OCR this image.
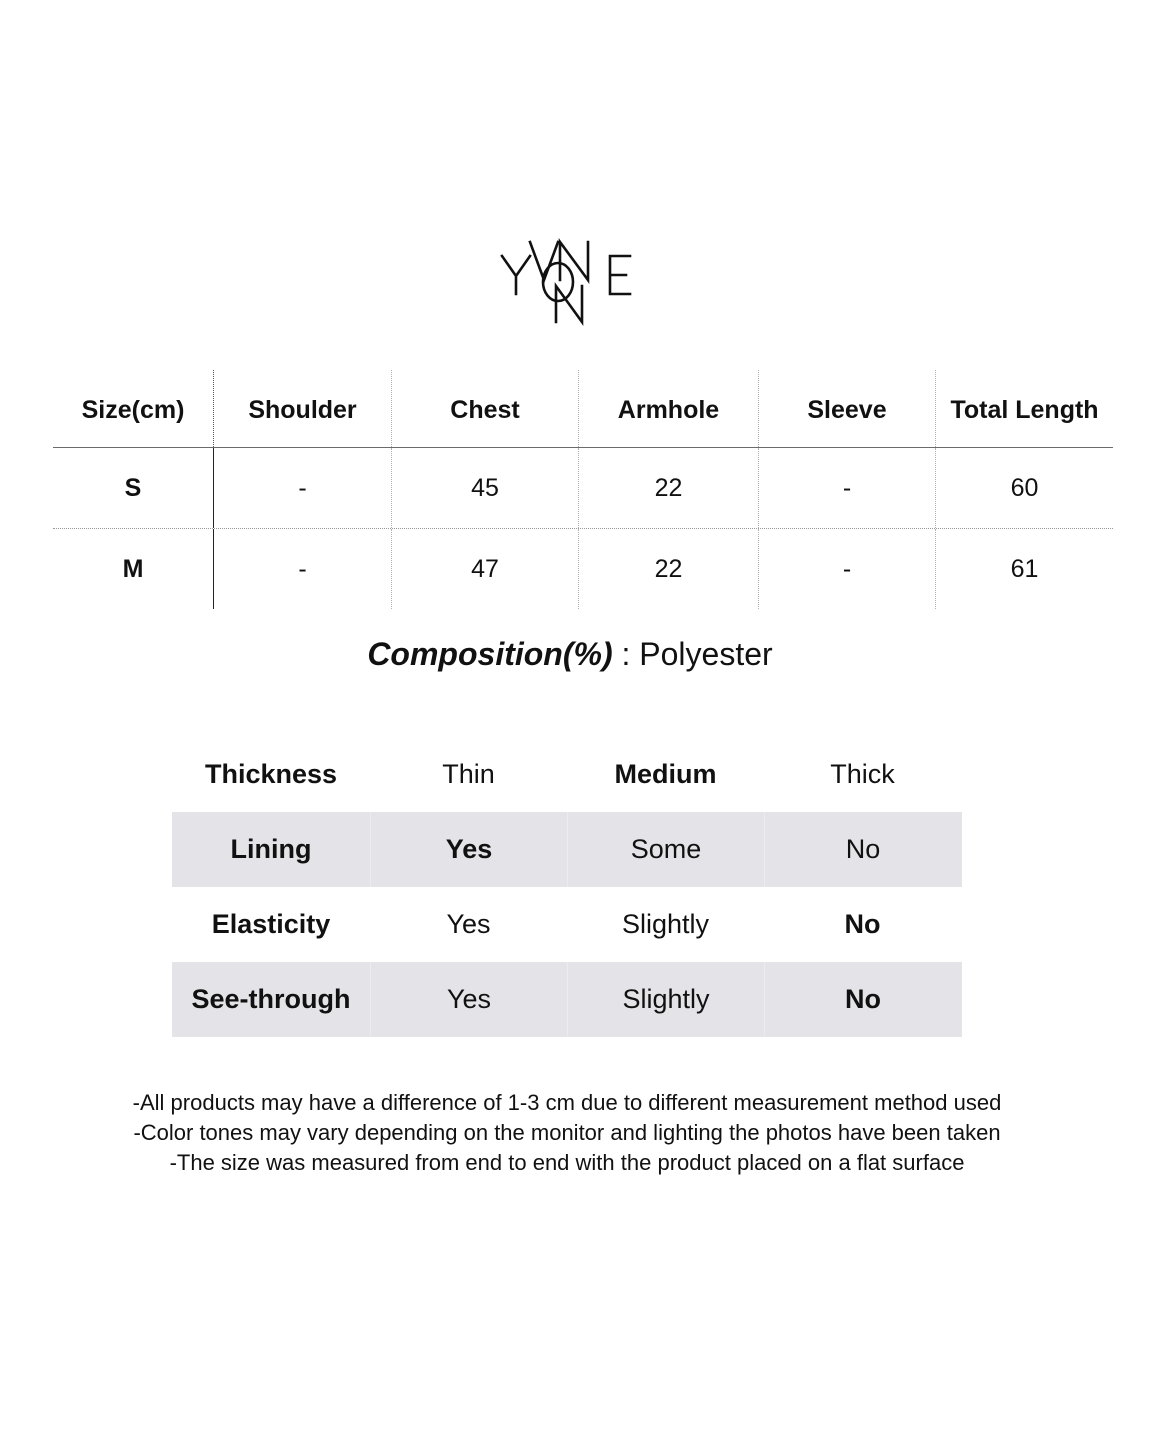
Size(cm)	Shoulder	Chest	Armhole	Sleeve	Total Length
S	-	45	22	-	60
M	-	47	22	-	61
Composition(%) : Polyester
Thickness	Thin	Medium	Thick
Lining	Yes	Some	No
Elasticity	Yes	Slightly	No
See-through	Yes	Slightly	No
-All products may have a difference of 1-3 cm due to different measurement method used
-Color tones may vary depending on the monitor and lighting the photos have been taken
-The size was measured from end to end with the product placed on a flat surface
